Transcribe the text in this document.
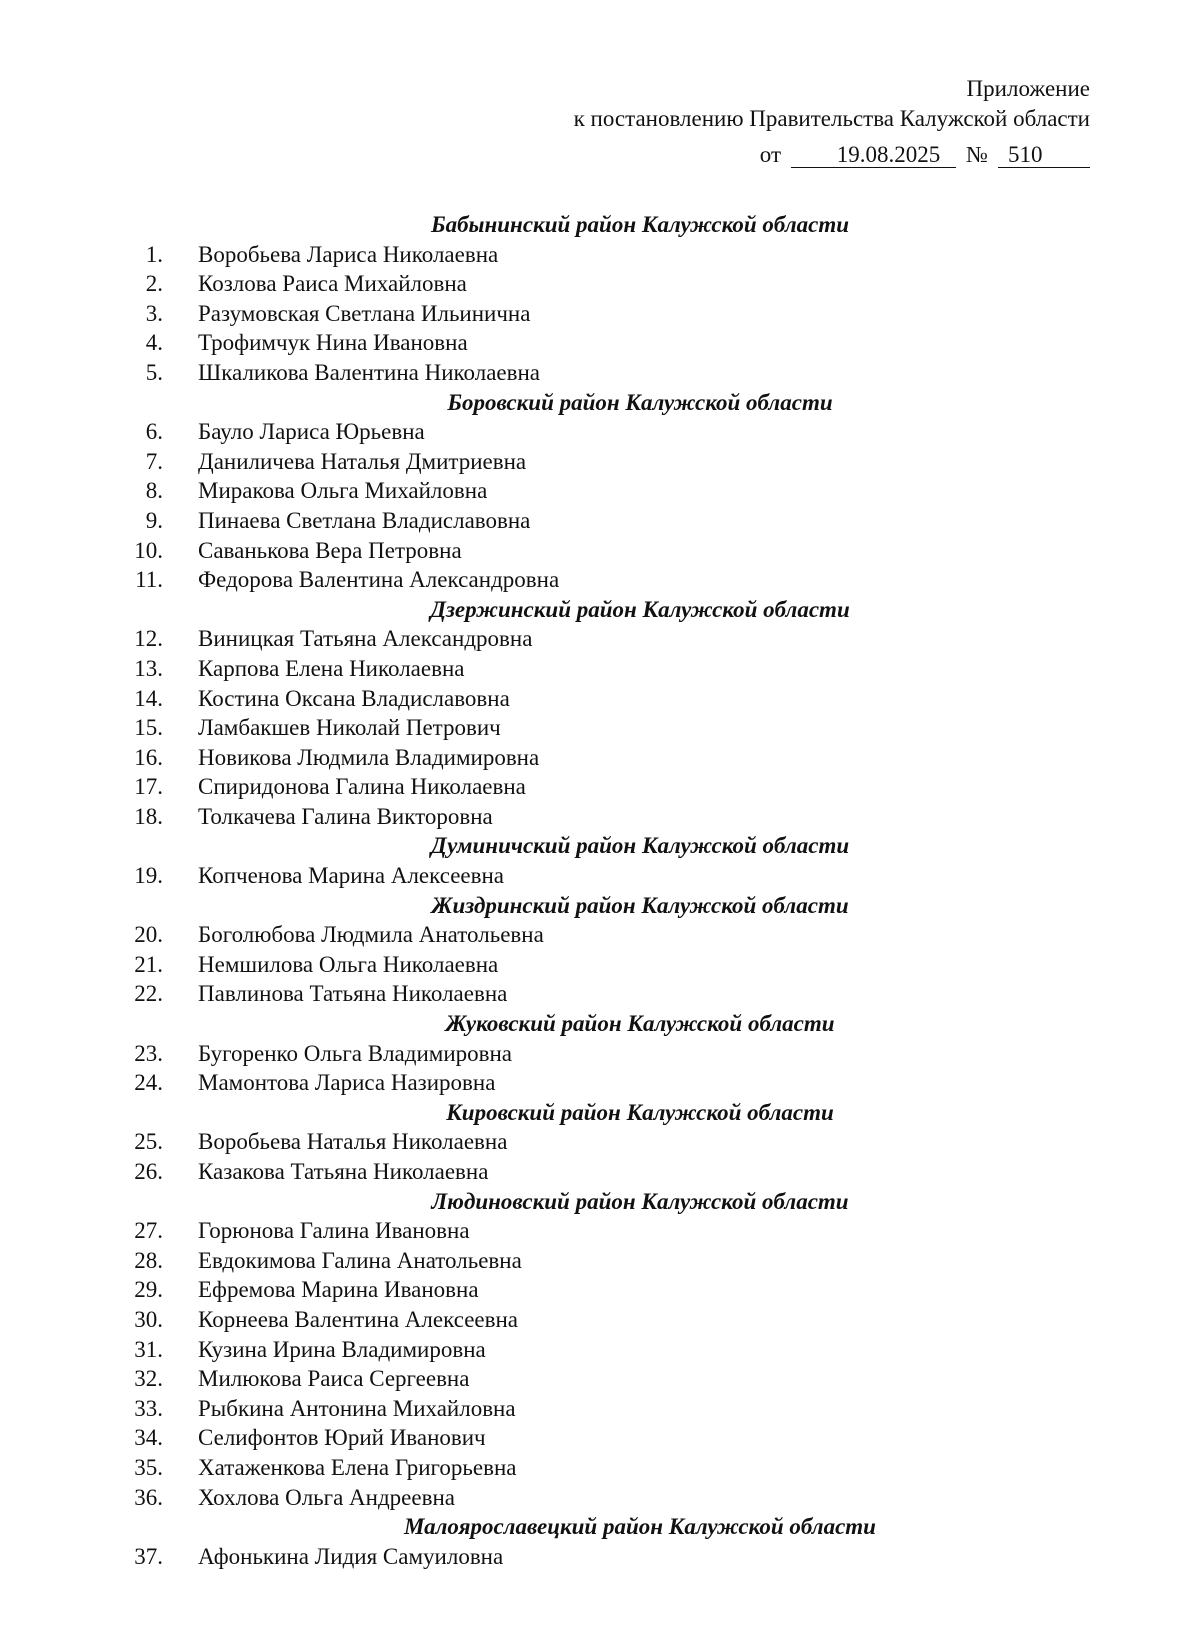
Приложение
к постановлению Правительства Калужской области
от 19.08.2025 № 510
Бабынинский район Калужской области
1. Воробьева Лариса Николаевна
2. Козлова Раиса Михайловна
3. Разумовская Светлана Ильинична
4. Трофимчук Нина Ивановна
5. Шкаликова Валентина Николаевна
Боровский район Калужской области
6. Бауло Лариса Юрьевна
7. Даниличева Наталья Дмитриевна
8. Миракова Ольга Михайловна
9. Пинаева Светлана Владиславовна
10. Саванькова Вера Петровна
11. Федорова Валентина Александровна
Дзержинский район Калужской области
12. Виницкая Татьяна Александровна
13. Карпова Елена Николаевна
14. Костина Оксана Владиславовна
15. Ламбакшев Николай Петрович
16. Новикова Людмила Владимировна
17. Спиридонова Галина Николаевна
18. Толкачева Галина Викторовна
Думиничский район Калужской области
19. Копченова Марина Алексеевна
Жиздринский район Калужской области
20. Боголюбова Людмила Анатольевна
21. Немшилова Ольга Николаевна
22. Павлинова Татьяна Николаевна
Жуковский район Калужской области
23. Бугоренко Ольга Владимировна
24. Мамонтова Лариса Назировна
Кировский район Калужской области
25. Воробьева Наталья Николаевна
26. Казакова Татьяна Николаевна
Людиновский район Калужской области
27. Горюнова Галина Ивановна
28. Евдокимова Галина Анатольевна
29. Ефремова Марина Ивановна
30. Корнеева Валентина Алексеевна
31. Кузина Ирина Владимировна
32. Милюкова Раиса Сергеевна
33. Рыбкина Антонина Михайловна
34. Селифонтов Юрий Иванович
35. Хатаженкова Елена Григорьевна
36. Хохлова Ольга Андреевна
Малоярославецкий район Калужской области
37. Афонькина Лидия Самуиловна
